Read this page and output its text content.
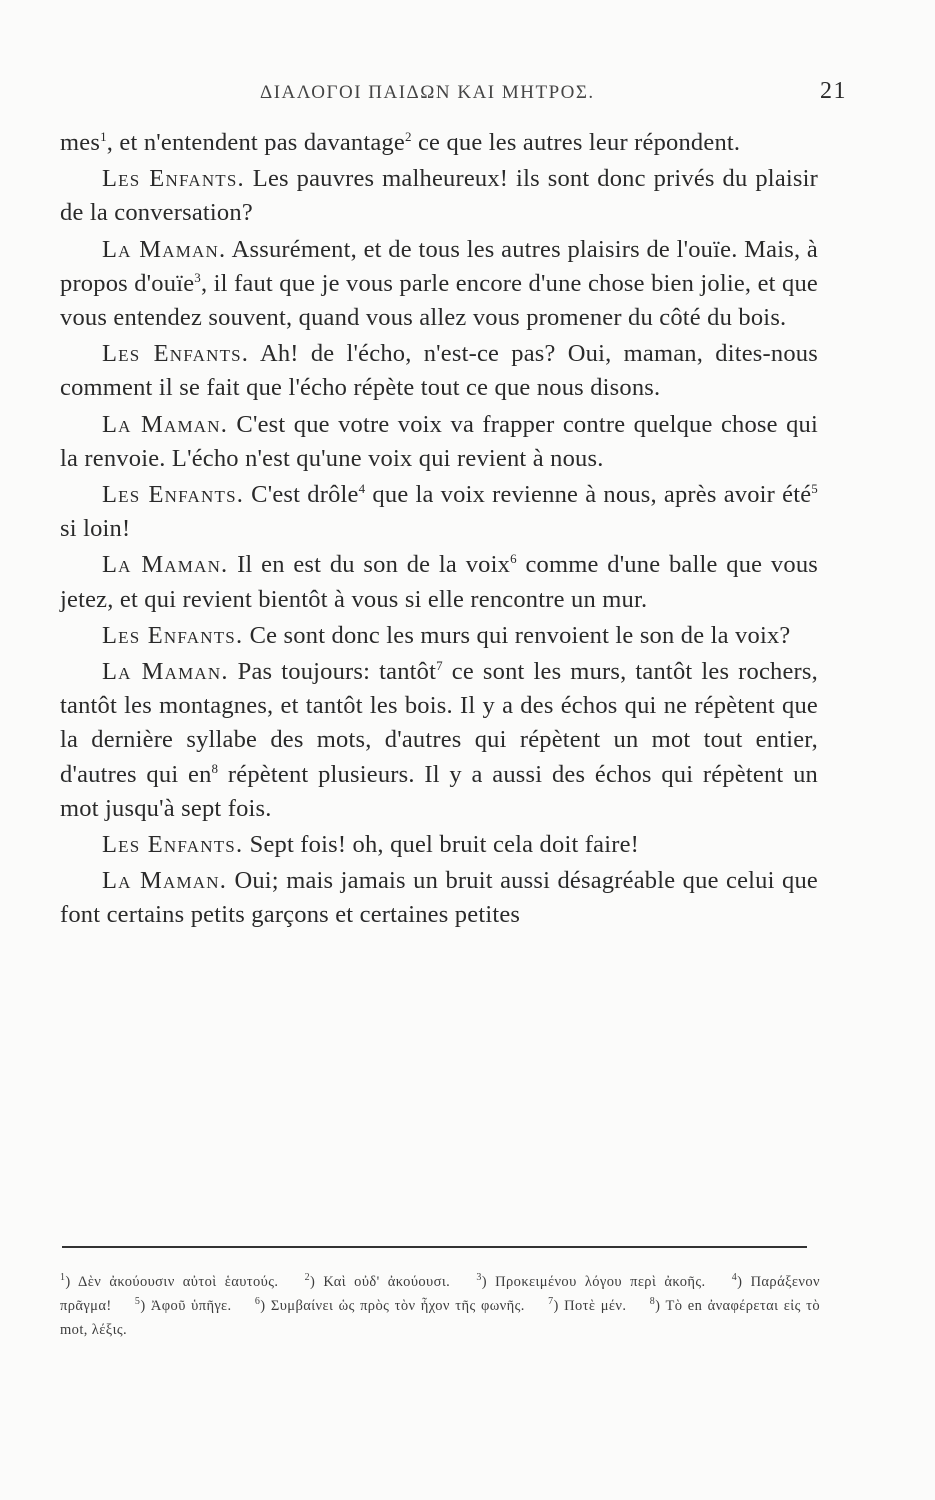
ΔΙΑΛΟΓΟΙ ΠΑΙΔΩΝ ΚΑΙ ΜΗΤΡΟΣ.	21

mes$^1$, et n'entendent pas davantage$^2$ ce que les autres leur répondent.

Les Enfants. Les pauvres malheureux! ils sont donc privés du plaisir de la conversation?

La Maman. Assurément, et de tous les autres plaisirs de l'ouïe. Mais, à propos d'ouïe$^3$, il faut que je vous parle encore d'une chose bien jolie, et que vous entendez souvent, quand vous allez vous promener du côté du bois.

Les Enfants. Ah! de l'écho, n'est-ce pas? Oui, maman, dites-nous comment il se fait que l'écho répète tout ce que nous disons.

La Maman. C'est que votre voix va frapper contre quelque chose qui la renvoie. L'écho n'est qu'une voix qui revient à nous.

Les Enfants. C'est drôle$^4$ que la voix revienne à nous, après avoir été$^5$ si loin!

La Maman. Il en est du son de la voix$^6$ comme d'une balle que vous jetez, et qui revient bientôt à vous si elle rencontre un mur.

Les Enfants. Ce sont donc les murs qui renvoient le son de la voix?

La Maman. Pas toujours: tantôt$^7$ ce sont les murs, tantôt les rochers, tantôt les montagnes, et tantôt les bois. Il y a des échos qui ne répètent que la dernière syllabe des mots, d'autres qui répètent un mot tout entier, d'autres qui $en^8$ répètent plusieurs. Il y a aussi des échos qui répètent un mot jusqu'à sept fois.

Les Enfants. Sept fois! oh, quel bruit cela doit faire!

La Maman. Oui; mais jamais un bruit aussi désagréable que celui que font certains petits garçons et certaines petites

$^1$) Δὲν ἀκούουσιν αὐτοὶ ἑαυτούς.	$^2$) Καὶ οὐδ' ἀκούουσι.	$^3$) Προκειμένου λόγου περὶ ἀκοῆς.	$^4$) Παράξενον πρᾶγμα! $^5$) Ἀφοῦ ὑπῆγε. $^6$) Συμβαίνει ὡς πρὸς τὸν ἦχον τῆς φωνῆς. $^7$) Ποτὲ μέν. $^8$) Τὸ en ἀναφέρεται εἰς τὸ mot, λέξις.
